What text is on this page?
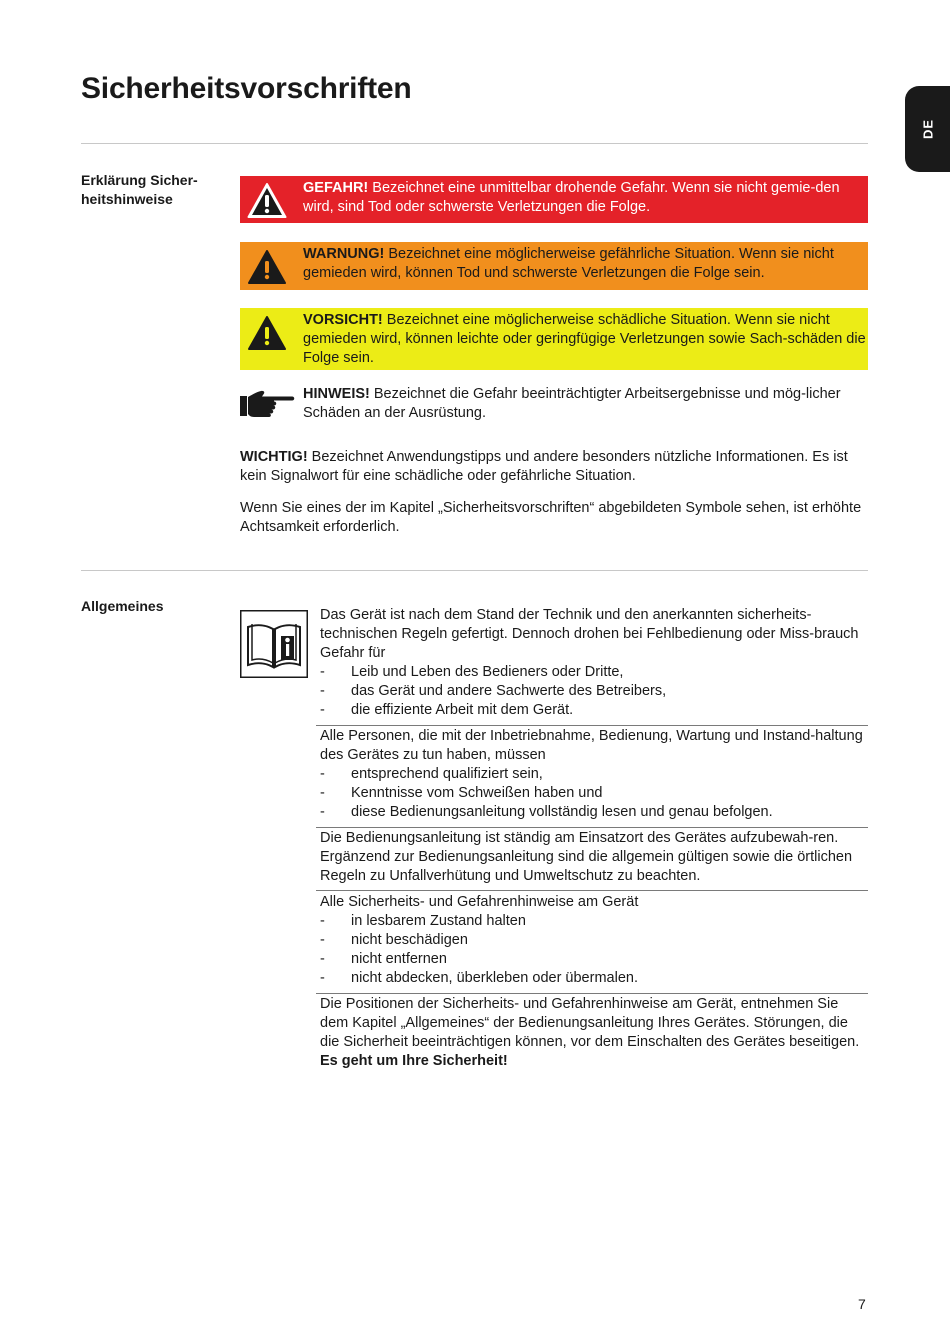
Sicherheitsvorschriften
DE
Erklärung Sicher-
heitshinweise
GEFAHR! Bezeichnet eine unmittelbar drohende Gefahr. Wenn sie nicht gemie-den wird, sind Tod oder schwerste Verletzungen die Folge.
WARNUNG! Bezeichnet eine möglicherweise gefährliche Situation. Wenn sie nicht gemieden wird, können Tod und schwerste Verletzungen die Folge sein.
VORSICHT! Bezeichnet eine möglicherweise schädliche Situation. Wenn sie nicht gemieden wird, können leichte oder geringfügige Verletzungen sowie Sach-schäden die Folge sein.
HINWEIS! Bezeichnet die Gefahr beeinträchtigter Arbeitsergebnisse und mög-licher Schäden an der Ausrüstung.
WICHTIG! Bezeichnet Anwendungstipps und andere besonders nützliche Informationen. Es ist kein Signalwort für eine schädliche oder gefährliche Situation.
Wenn Sie eines der im Kapitel „Sicherheitsvorschriften“ abgebildeten Symbole sehen, ist erhöhte Achtsamkeit erforderlich.
Allgemeines
Das Gerät ist nach dem Stand der Technik und den anerkannten sicherheits-technischen Regeln gefertigt. Dennoch drohen bei Fehlbedienung oder Miss-brauch Gefahr für
-	Leib und Leben des Bedieners oder Dritte,
-	das Gerät und andere Sachwerte des Betreibers,
-	die effiziente Arbeit mit dem Gerät.
Alle Personen, die mit der Inbetriebnahme, Bedienung, Wartung und Instand-haltung des Gerätes zu tun haben, müssen
-	entsprechend qualifiziert sein,
-	Kenntnisse vom Schweißen haben und
-	diese Bedienungsanleitung vollständig lesen und genau befolgen.
Die Bedienungsanleitung ist ständig am Einsatzort des Gerätes aufzubewah-ren. Ergänzend zur Bedienungsanleitung sind die allgemein gültigen sowie die örtlichen Regeln zu Unfallverhütung und Umweltschutz zu beachten.
Alle Sicherheits- und Gefahrenhinweise am Gerät
-	in lesbarem Zustand halten
-	nicht beschädigen
-	nicht entfernen
-	nicht abdecken, überkleben oder übermalen.
Die Positionen der Sicherheits- und Gefahrenhinweise am Gerät, entnehmen Sie dem Kapitel „Allgemeines“ der Bedienungsanleitung Ihres Gerätes. Störungen, die die Sicherheit beeinträchtigen können, vor dem Einschalten des Gerätes beseitigen.
Es geht um Ihre Sicherheit!
7
